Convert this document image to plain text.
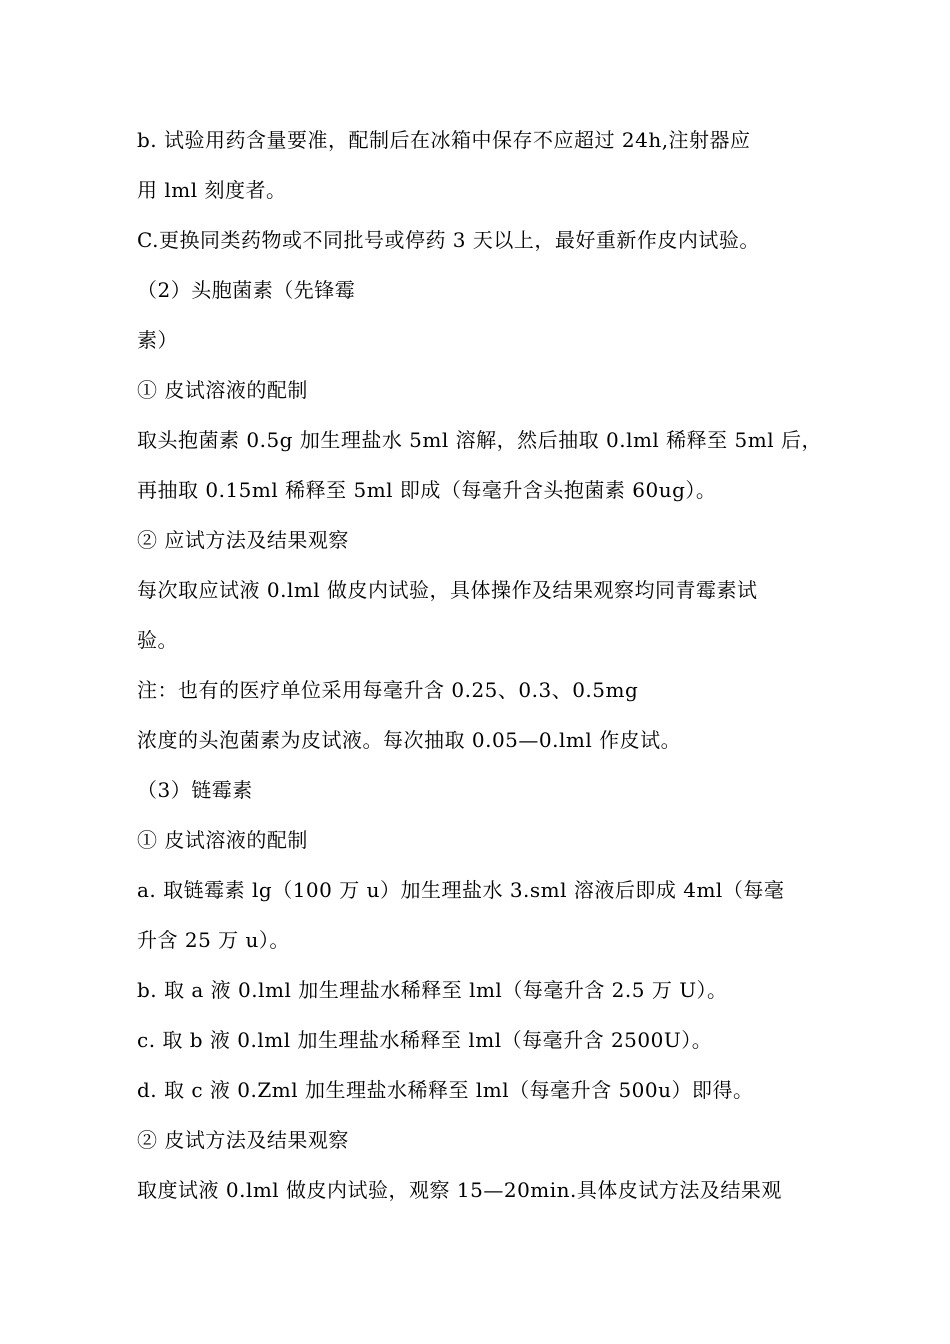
b. 试验用药含量要准，配制后在冰箱中保存不应超过 24h,注射器应
用 lml 刻度者。
C.更换同类药物或不同批号或停药 3 天以上，最好重新作皮内试验。
（2）头胞菌素（先锋霉
素）
① 皮试溶液的配制
取头抱菌素 0.5g 加生理盐水 5ml 溶解，然后抽取 0.lml 稀释至 5ml 后，
再抽取 0.15ml 稀释至 5ml 即成（每毫升含头抱菌素 60ug）。
② 应试方法及结果观察
每次取应试液 0.lml 做皮内试验，具体操作及结果观察均同青霉素试
验。
注：也有的医疗单位采用每毫升含 0.25、0.3、0.5mg
浓度的头泡菌素为皮试液。每次抽取 0.05—0.lml 作皮试。
（3）链霉素
① 皮试溶液的配制
a. 取链霉素 lg（100 万 u）加生理盐水 3.sml 溶液后即成 4ml（每毫
升含 25 万 u）。
b. 取 a 液 0.lml 加生理盐水稀释至 lml（每毫升含 2.5 万 U）。
c. 取 b 液 0.lml 加生理盐水稀释至 lml（每毫升含 2500U）。
d. 取 c 液 0.Zml 加生理盐水稀释至 lml（每毫升含 500u）即得。
② 皮试方法及结果观察
取度试液 0.lml 做皮内试验，观察 15—20min.具体皮试方法及结果观
